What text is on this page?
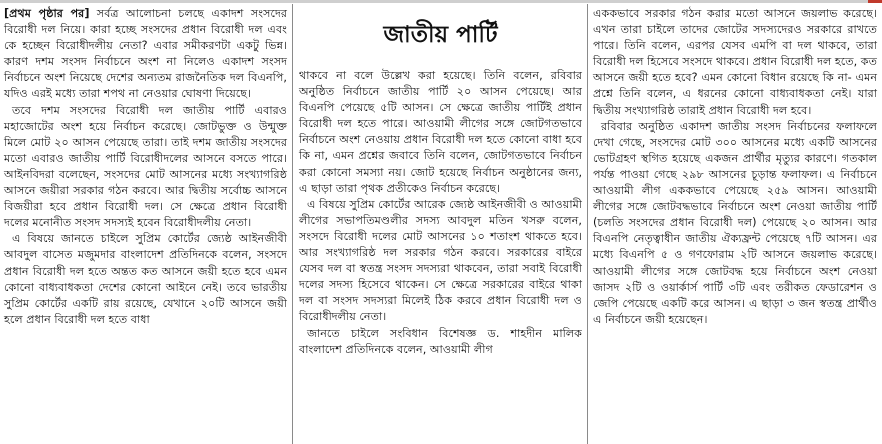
[প্রথম পৃষ্ঠার পর] সর্বত্র আলোচনা চলছে একাদশ সংসদের বিরোধী দল নিয়ে। কারা হচ্ছে সংসদের প্রধান বিরোধী দল এবং কে হচ্ছেন বিরোধীদলীয় নেতা? এবার সমীকরণটা একটু ভিন্ন। কারণ দশম সংসদ নির্বাচনে অংশ না নিলেও একাদশ সংসদ নির্বাচনে অংশ নিয়েছে দেশের অন্যতম রাজনৈতিক দল বিএনপি, যদিও এরই মধ্যে তারা শপথ না নেওয়ার ঘোষণা দিয়েছে।

তবে দশম সংসদের বিরোধী দল জাতীয় পার্টি এবারও মহাজোটের অংশ হয়ে নির্বাচন করেছে। জোটভুক্ত ও উন্মুক্ত মিলে মোট ২০ আসন পেয়েছে তারা। তাই দশম জাতীয় সংসদের মতো এবারও জাতীয় পার্টি বিরোধীদলের আসনে বসতে পারে। আইনবিদরা বলেছেন, সংসদের মোট আসনের মধ্যে সংখ্যাগরিষ্ঠ আসনে জয়ীরা সরকার গঠন করবে। আর দ্বিতীয় সর্বোচ্চ আসনে বিজয়ীরা হবে প্রধান বিরোধী দল। সে ক্ষেত্রে প্রধান বিরোধী দলের মনোনীত সংসদ সদস্যই হবেন বিরোধীদলীয় নেতা।

এ বিষয়ে জানতে চাইলে সুপ্রিম কোর্টের জ্যেষ্ঠ আইনজীবী আবদুল বাসেত মজুমদার বাংলাদেশ প্রতিদিনকে বলেন, সংসদে প্রধান বিরোধী দল হতে অন্তত কত আসনে জয়ী হতে হবে এমন কোনো বাধ্যবাধকতা দেশের কোনো আইনে নেই। তবে ভারতীয় সুপ্রিম কোর্টের একটি রায় রয়েছে, যেখানে ২০টি আসনে জয়ী হলে প্রধান বিরোধী দল হতে বাধা

জাতীয় পার্টি

থাকবে না বলে উল্লেখ করা হয়েছে। তিনি বলেন, রবিবার অনুষ্ঠিত নির্বাচনে জাতীয় পার্টি ২০ আসন পেয়েছে। আর বিএনপি পেয়েছে ৫টি আসন। সে ক্ষেত্রে জাতীয় পার্টিই প্রধান বিরোধী দল হতে পারে। আওয়ামী লীগের সঙ্গে জোটগতভাবে নির্বাচনে অংশ নেওয়ায় প্রধান বিরোধী দল হতে কোনো বাধা হবে কি না, এমন প্রশ্নের জবাবে তিনি বলেন, জোটগতভাবে নির্বাচন করা কোনো সমস্যা নয়। জোট হয়েছে নির্বাচন অনুষ্ঠানের জন্য, এ ছাড়া তারা পৃথক প্রতীকেও নির্বাচন করেছে।

এ বিষয়ে সুপ্রিম কোর্টের আরেক জ্যেষ্ঠ আইনজীবী ও আওয়ামী লীগের সভাপতিমণ্ডলীর সদস্য আবদুল মতিন খসরু বলেন, সংসদে বিরোধী দলের মোট আসনের ১০ শতাংশ থাকতে হবে। আর সংখ্যাগরিষ্ঠ দল সরকার গঠন করবে। সরকারের বাইরে যেসব দল বা স্বতন্ত্র সংসদ সদস্যরা থাকবেন, তারা সবাই বিরোধী দলের সদস্য হিসেবে থাকেন। সে ক্ষেত্রে সরকারের বাইরে থাকা দল বা সংসদ সদস্যরা মিলেই ঠিক করবে প্রধান বিরোধী দল ও বিরোধীদলীয় নেতা।

জানতে চাইলে সংবিধান বিশেষজ্ঞ ড. শাহদীন মালিক বাংলাদেশ প্রতিদিনকে বলেন, আওয়ামী লীগ

এককভাবে সরকার গঠন করার মতো আসনে জয়লাভ করেছে। এখন তারা চাইলে তাদের জোটের সদস্যদেরও সরকারে রাখতে পারে। তিনি বলেন, এরপর যেসব এমপি বা দল থাকবে, তারা বিরোধী দল হিসেবে সংসদে থাকবে। প্রধান বিরোধী দল হতে, কত আসনে জয়ী হতে হবে? এমন কোনো বিধান রয়েছে কি না- এমন প্রশ্নে তিনি বলেন, এ ধরনের কোনো বাধ্যবাধকতা নেই। যারা দ্বিতীয় সংখ্যাগরিষ্ঠ তারাই প্রধান বিরোধী দল হবে।

রবিবার অনুষ্ঠিত একাদশ জাতীয় সংসদ নির্বাচনের ফলাফলে দেখা গেছে, সংসদের মোট ৩০০ আসনের মধ্যে একটি আসনের ভোটগ্রহণ স্থগিত হয়েছে একজন প্রার্থীর মৃত্যুর কারণে। গতকাল পর্যন্ত পাওয়া গেছে ২৯৮ আসনের চূড়ান্ত ফলাফল। এ নির্বাচনে আওয়ামী লীগ এককভাবে পেয়েছে ২৫৯ আসন। আওয়ামী লীগের সঙ্গে জোটবদ্ধভাবে নির্বাচনে অংশ নেওয়া জাতীয় পার্টি (চলতি সংসদের প্রধান বিরোধী দল) পেয়েছে ২০ আসন। আর বিএনপি নেতৃত্বাধীন জাতীয় ঐক্যফ্রন্ট পেয়েছে ৭টি আসন। এর মধ্যে বিএনপি ৫ ও গণফোরাম ২টি আসনে জয়লাভ করেছে। আওয়ামী লীগের সঙ্গে জোটবদ্ধ হয়ে নির্বাচনে অংশ নেওয়া জাসদ ২টি ও ওয়ার্কার্স পার্টি ৩টি এবং তরীকত ফেডারেশন ও জেপি পেয়েছে একটি করে আসন। এ ছাড়া ৩ জন স্বতন্ত্র প্রার্থীও এ নির্বাচনে জয়ী হয়েছেন।
